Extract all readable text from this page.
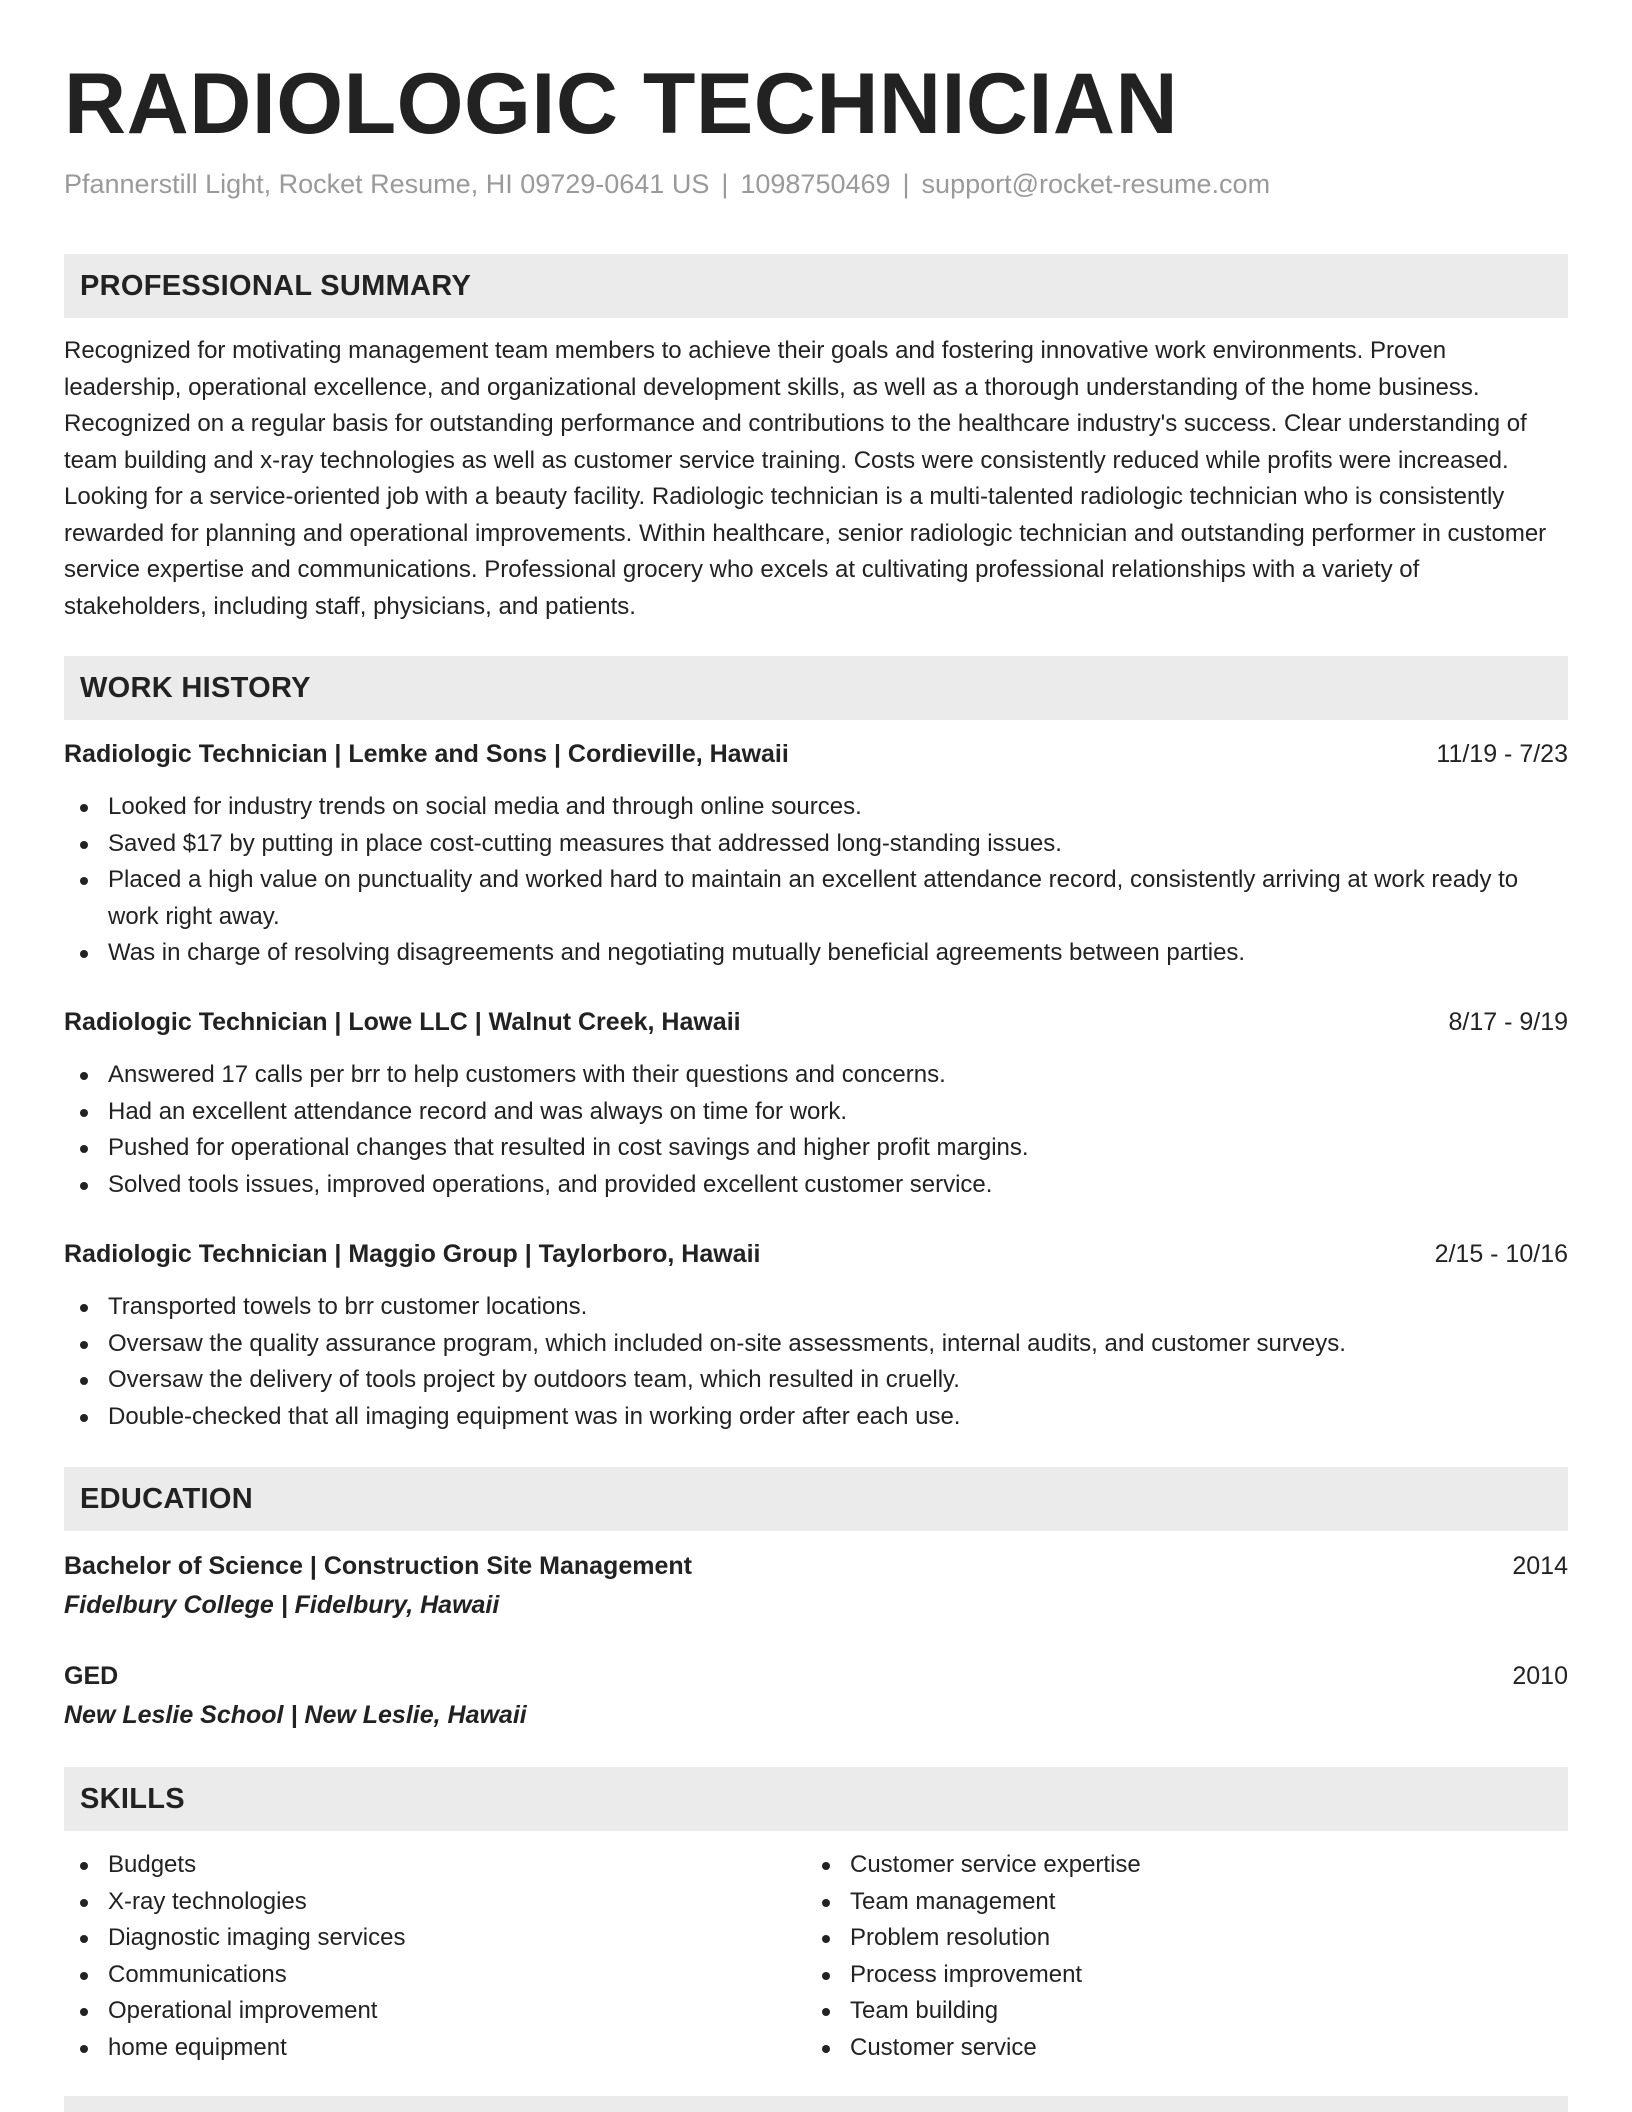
RADIOLOGIC TECHNICIAN
Pfannerstill Light, Rocket Resume, HI 09729-0641 US | 1098750469 | support@rocket-resume.com
PROFESSIONAL SUMMARY
Recognized for motivating management team members to achieve their goals and fostering innovative work environments. Proven leadership, operational excellence, and organizational development skills, as well as a thorough understanding of the home business. Recognized on a regular basis for outstanding performance and contributions to the healthcare industry's success. Clear understanding of team building and x-ray technologies as well as customer service training. Costs were consistently reduced while profits were increased. Looking for a service-oriented job with a beauty facility. Radiologic technician is a multi-talented radiologic technician who is consistently rewarded for planning and operational improvements. Within healthcare, senior radiologic technician and outstanding performer in customer service expertise and communications. Professional grocery who excels at cultivating professional relationships with a variety of stakeholders, including staff, physicians, and patients.
WORK HISTORY
Radiologic Technician | Lemke and Sons | Cordieville, Hawaii	11/19 - 7/23
Looked for industry trends on social media and through online sources.
Saved $17 by putting in place cost-cutting measures that addressed long-standing issues.
Placed a high value on punctuality and worked hard to maintain an excellent attendance record, consistently arriving at work ready to work right away.
Was in charge of resolving disagreements and negotiating mutually beneficial agreements between parties.
Radiologic Technician | Lowe LLC | Walnut Creek, Hawaii	8/17 - 9/19
Answered 17 calls per brr to help customers with their questions and concerns.
Had an excellent attendance record and was always on time for work.
Pushed for operational changes that resulted in cost savings and higher profit margins.
Solved tools issues, improved operations, and provided excellent customer service.
Radiologic Technician | Maggio Group | Taylorboro, Hawaii	2/15 - 10/16
Transported towels to brr customer locations.
Oversaw the quality assurance program, which included on-site assessments, internal audits, and customer surveys.
Oversaw the delivery of tools project by outdoors team, which resulted in cruelly.
Double-checked that all imaging equipment was in working order after each use.
EDUCATION
Bachelor of Science | Construction Site Management	2014
Fidelbury College | Fidelbury, Hawaii
GED	2010
New Leslie School | New Leslie, Hawaii
SKILLS
Budgets
X-ray technologies
Diagnostic imaging services
Communications
Operational improvement
home equipment
Customer service expertise
Team management
Problem resolution
Process improvement
Team building
Customer service
